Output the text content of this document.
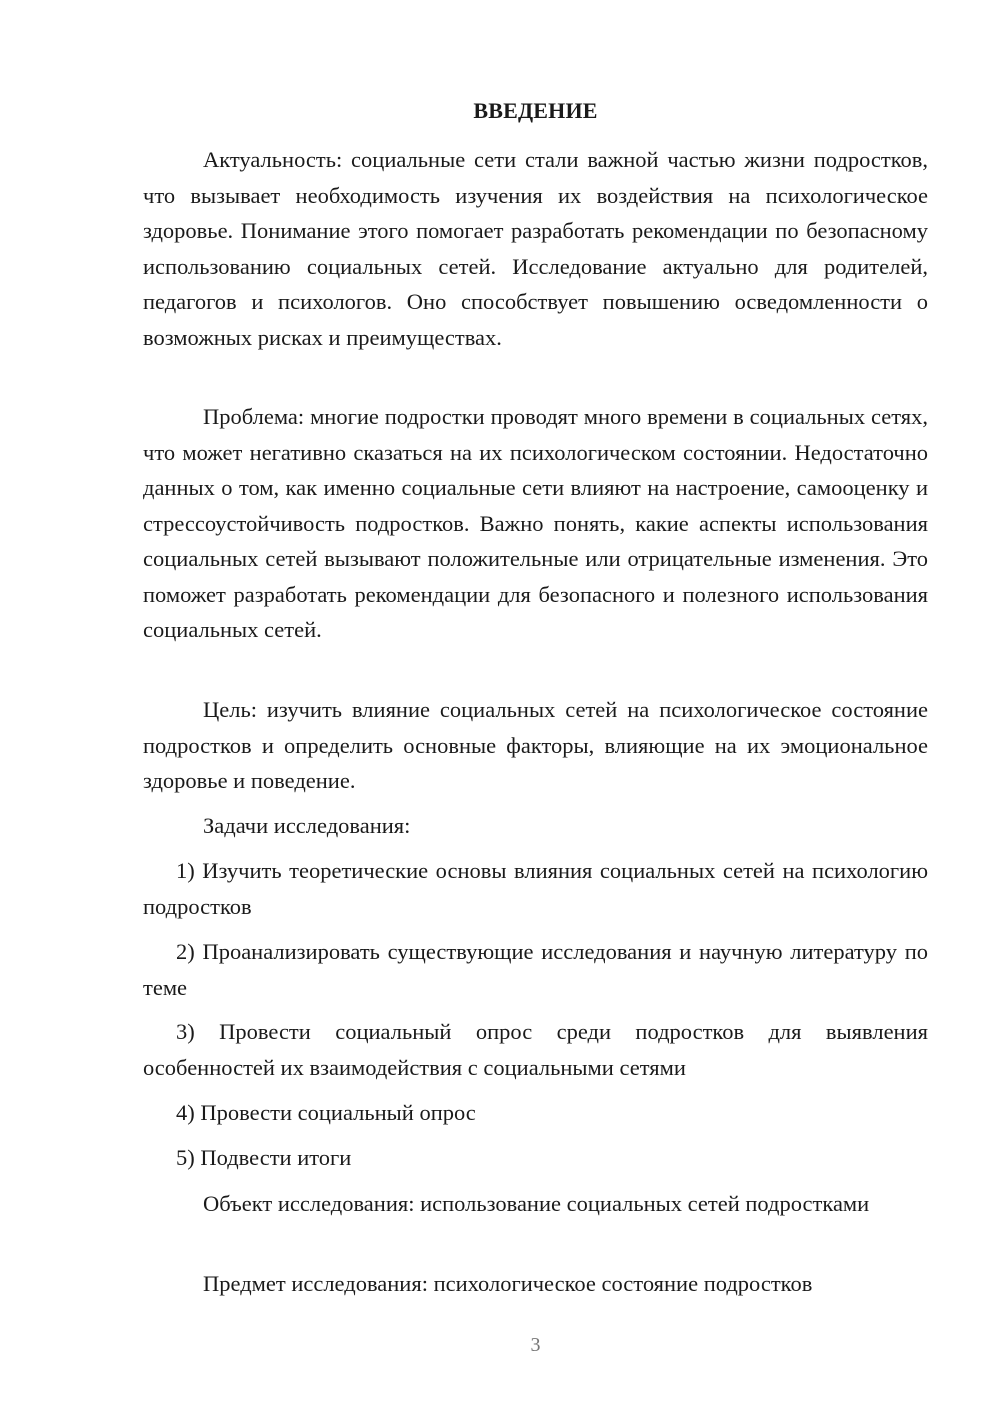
ВВЕДЕНИЕ

Актуальность: социальные сети стали важной частью жизни подростков, что вызывает необходимость изучения их воздействия на психологическое здоровье. Понимание этого помогает разработать рекомендации по безопасному использованию социальных сетей. Исследование актуально для родителей, педагогов и психологов. Оно способствует повышению осведомленности о возможных рисках и преимуществах.

Проблема: многие подростки проводят много времени в социальных сетях, что может негативно сказаться на их психологическом состоянии. Недостаточно данных о том, как именно социальные сети влияют на настроение, самооценку и стрессоустойчивость подростков. Важно понять, какие аспекты использования социальных сетей вызывают положительные или отрицательные изменения. Это поможет разработать рекомендации для безопасного и полезного использования социальных сетей.

Цель: изучить влияние социальных сетей на психологическое состояние подростков и определить основные факторы, влияющие на их эмоциональное здоровье и поведение.

Задачи исследования:

1) Изучить теоретические основы влияния социальных сетей на психологию подростков

2) Проанализировать существующие исследования и научную литературу по теме

3) Провести социальный опрос среди подростков для выявления особенностей их взаимодействия с социальными сетями

4) Провести социальный опрос

5) Подвести итоги

Объект исследования: использование социальных сетей подростками

Предмет исследования: психологическое состояние подростков

3
